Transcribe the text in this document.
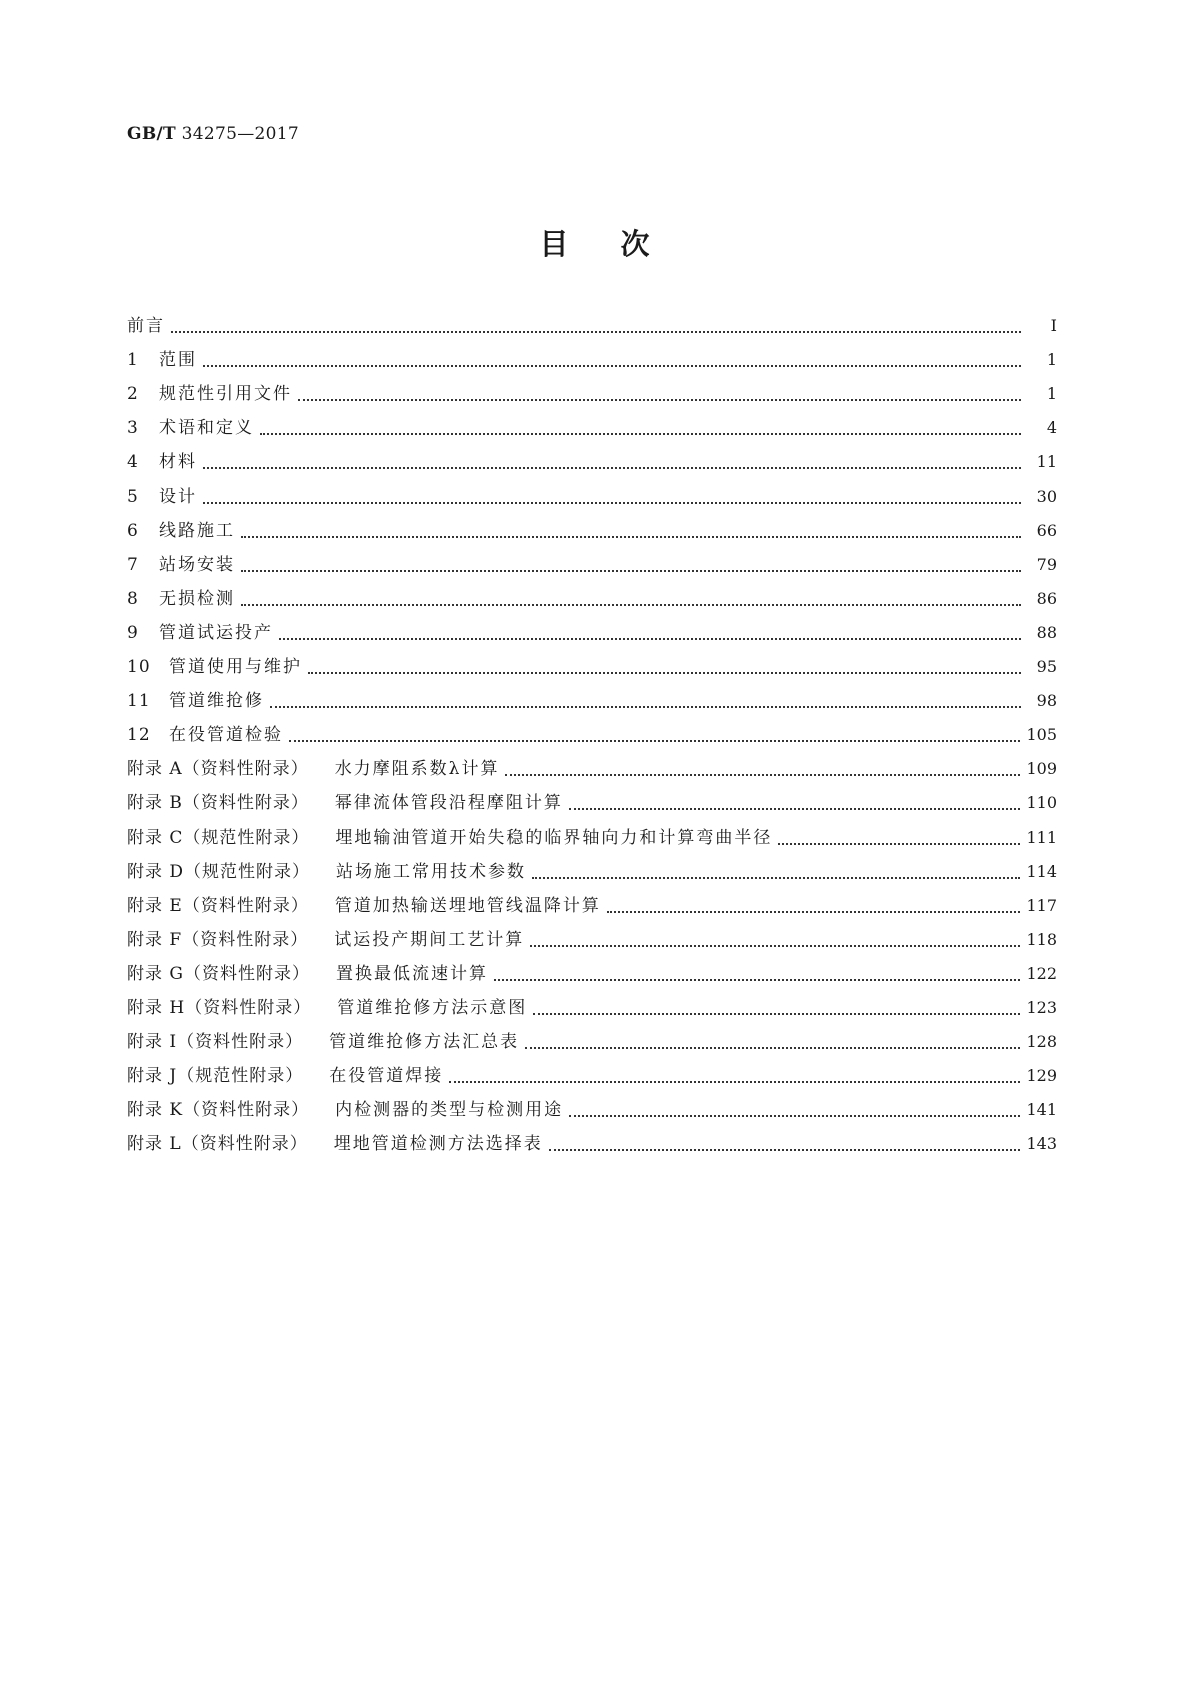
GB/T 34275—2017
目 次
前言	Ⅰ
1	范围	1
2	规范性引用文件	1
3	术语和定义	4
4	材料	11
5	设计	30
6	线路施工	66
7	站场安装	79
8	无损检测	86
9	管道试运投产	88
10	管道使用与维护	95
11	管道维抢修	98
12	在役管道检验	105
附录 A（资料性附录） 水力摩阻系数λ计算	109
附录 B（资料性附录） 幂律流体管段沿程摩阻计算	110
附录 C（规范性附录） 埋地输油管道开始失稳的临界轴向力和计算弯曲半径	111
附录 D（规范性附录） 站场施工常用技术参数	114
附录 E（资料性附录） 管道加热输送埋地管线温降计算	117
附录 F（资料性附录） 试运投产期间工艺计算	118
附录 G（资料性附录） 置换最低流速计算	122
附录 H（资料性附录） 管道维抢修方法示意图	123
附录 I（资料性附录） 管道维抢修方法汇总表	128
附录 J（规范性附录） 在役管道焊接	129
附录 K（资料性附录） 内检测器的类型与检测用途	141
附录 L（资料性附录） 埋地管道检测方法选择表	143
